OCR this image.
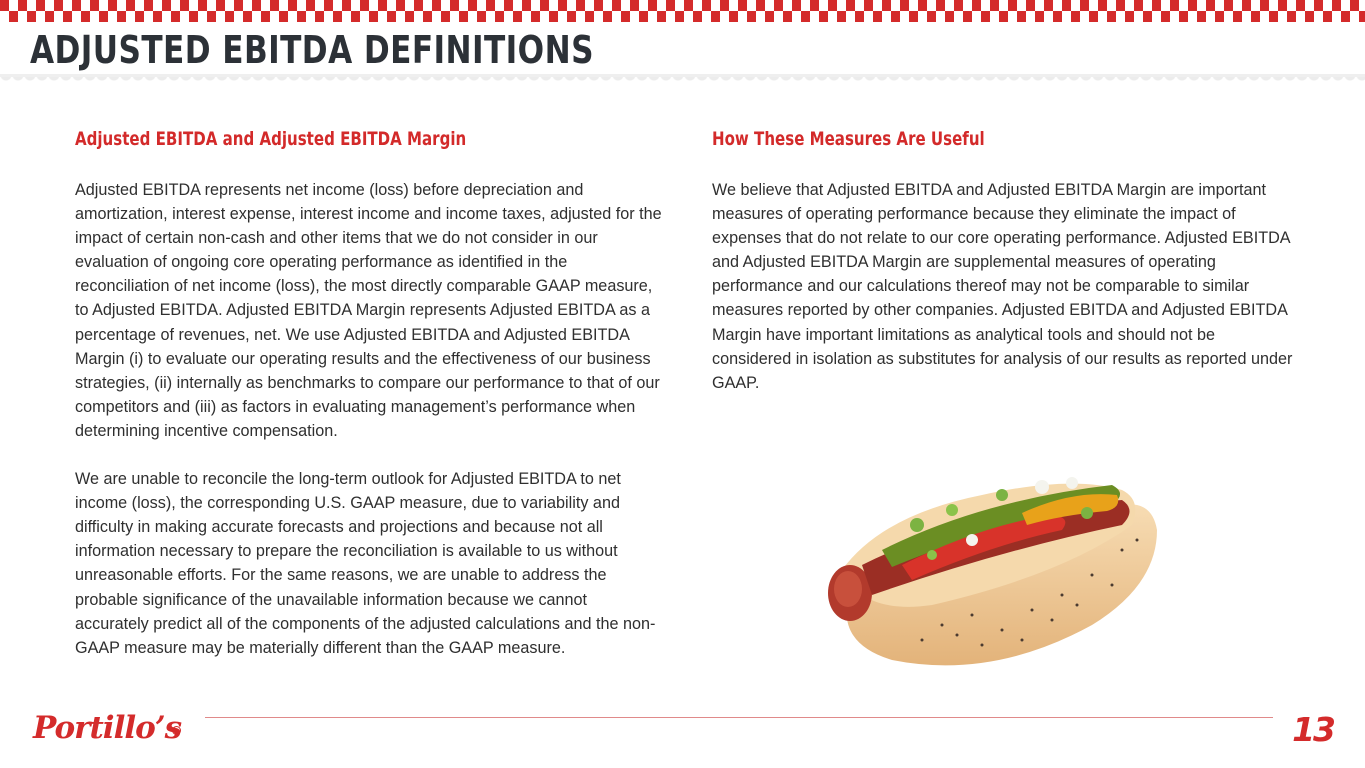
ADJUSTED EBITDA DEFINITIONS
Adjusted EBITDA and Adjusted EBITDA Margin

Adjusted EBITDA represents net income (loss) before depreciation and amortization, interest expense, interest income and income taxes, adjusted for the impact of certain non-cash and other items that we do not consider in our evaluation of ongoing core operating performance as identified in the reconciliation of net income (loss), the most directly comparable GAAP measure, to Adjusted EBITDA. Adjusted EBITDA Margin represents Adjusted EBITDA as a percentage of revenues, net. We use Adjusted EBITDA and Adjusted EBITDA Margin (i) to evaluate our operating results and the effectiveness of our business strategies, (ii) internally as benchmarks to compare our performance to that of our competitors and (iii) as factors in evaluating management’s performance when determining incentive compensation.

We are unable to reconcile the long-term outlook for Adjusted EBITDA to net income (loss), the corresponding U.S. GAAP measure, due to variability and difficulty in making accurate forecasts and projections and because not all information necessary to prepare the reconciliation is available to us without unreasonable efforts. For the same reasons, we are unable to address the probable significance of the unavailable information because we cannot accurately predict all of the components of the adjusted calculations and the non-GAAP measure may be materially different than the GAAP measure.

How These Measures Are Useful

We believe that Adjusted EBITDA and Adjusted EBITDA Margin are important measures of operating performance because they eliminate the impact of expenses that do not relate to our core operating performance. Adjusted EBITDA and Adjusted EBITDA Margin are supplemental measures of operating performance and our calculations thereof may not be comparable to similar measures reported by other companies. Adjusted EBITDA and Adjusted EBITDA Margin have important limitations as analytical tools and should not be considered in isolation as substitutes for analysis of our results as reported under GAAP.

Portillo’s	13
